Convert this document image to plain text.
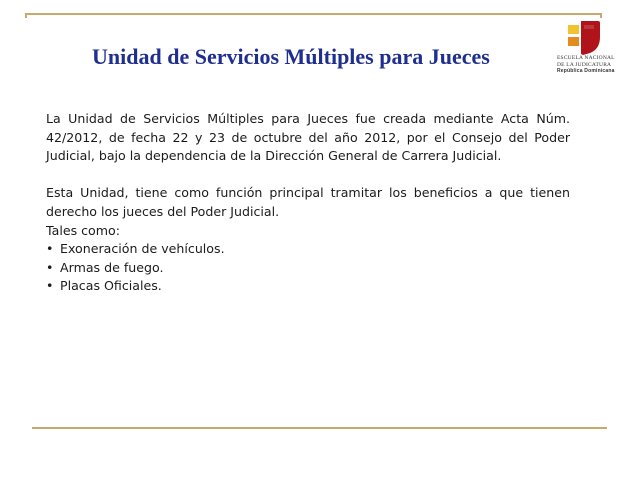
Unidad de Servicios Múltiples para Jueces	ESCUELA NACIONAL
DE LA JUDICATURA
República Dominicana

La Unidad de Servicios Múltiples para Jueces fue creada mediante Acta Núm. 42/2012, de fecha 22 y 23 de octubre del año 2012, por el Consejo del Poder Judicial, bajo la dependencia de la Dirección General de Carrera Judicial.

Esta Unidad, tiene como función principal tramitar los beneficios a que tienen derecho los jueces del Poder Judicial.

Tales como:

• Exoneración de vehículos.
• Armas de fuego.
• Placas Oficiales.
